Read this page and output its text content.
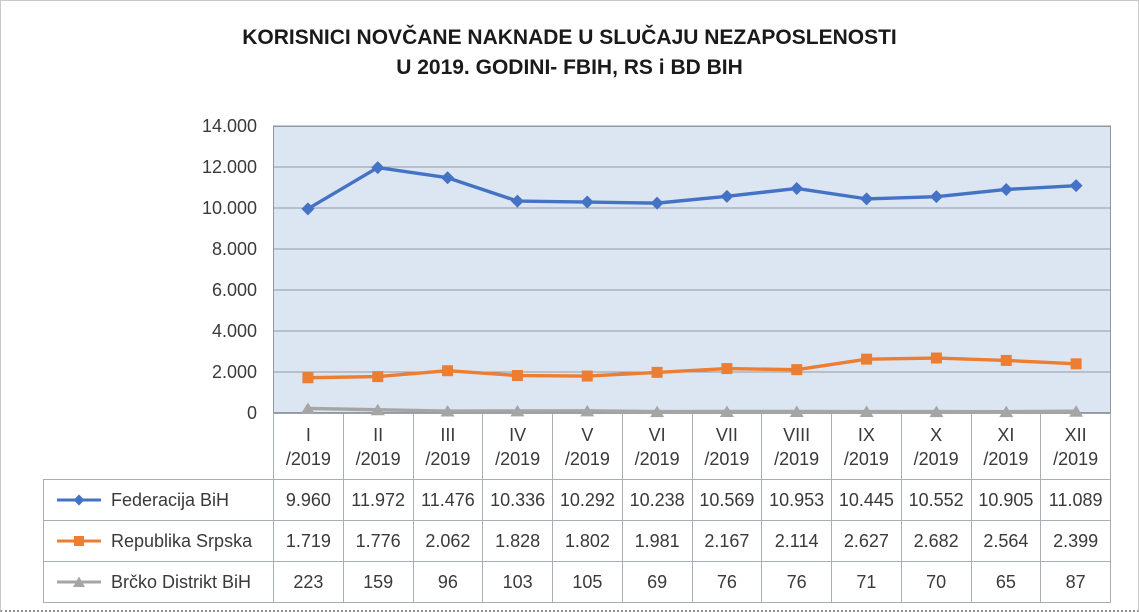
KORISNICI NOVČANE NAKNADE U SLUČAJU NEZAPOSLENOSTI
U 2019. GODINI- FBIH, RS i BD BIH
14.000
12.000
10.000
8.000
6.000
4.000
2.000
0
I
/2019
II
/2019
III
/2019
IV
/2019
V
/2019
VI
/2019
VII
/2019
VIII
/2019
IX
/2019
X
/2019
XI
/2019
XII
/2019
Federacija BiH	9.960	11.972 11.476 10.336 10.292 10.238 10.569 10.953 10.445 10.552 10.905 11.089
Republika Srpska	1.719	1.776	2.062	1.828	1.802	1.981	2.167	2.114	2.627	2.682	2.564	2.399
Brčko Distrikt BiH	223	159	96	103	105	69	76	76	71	70	65	87
